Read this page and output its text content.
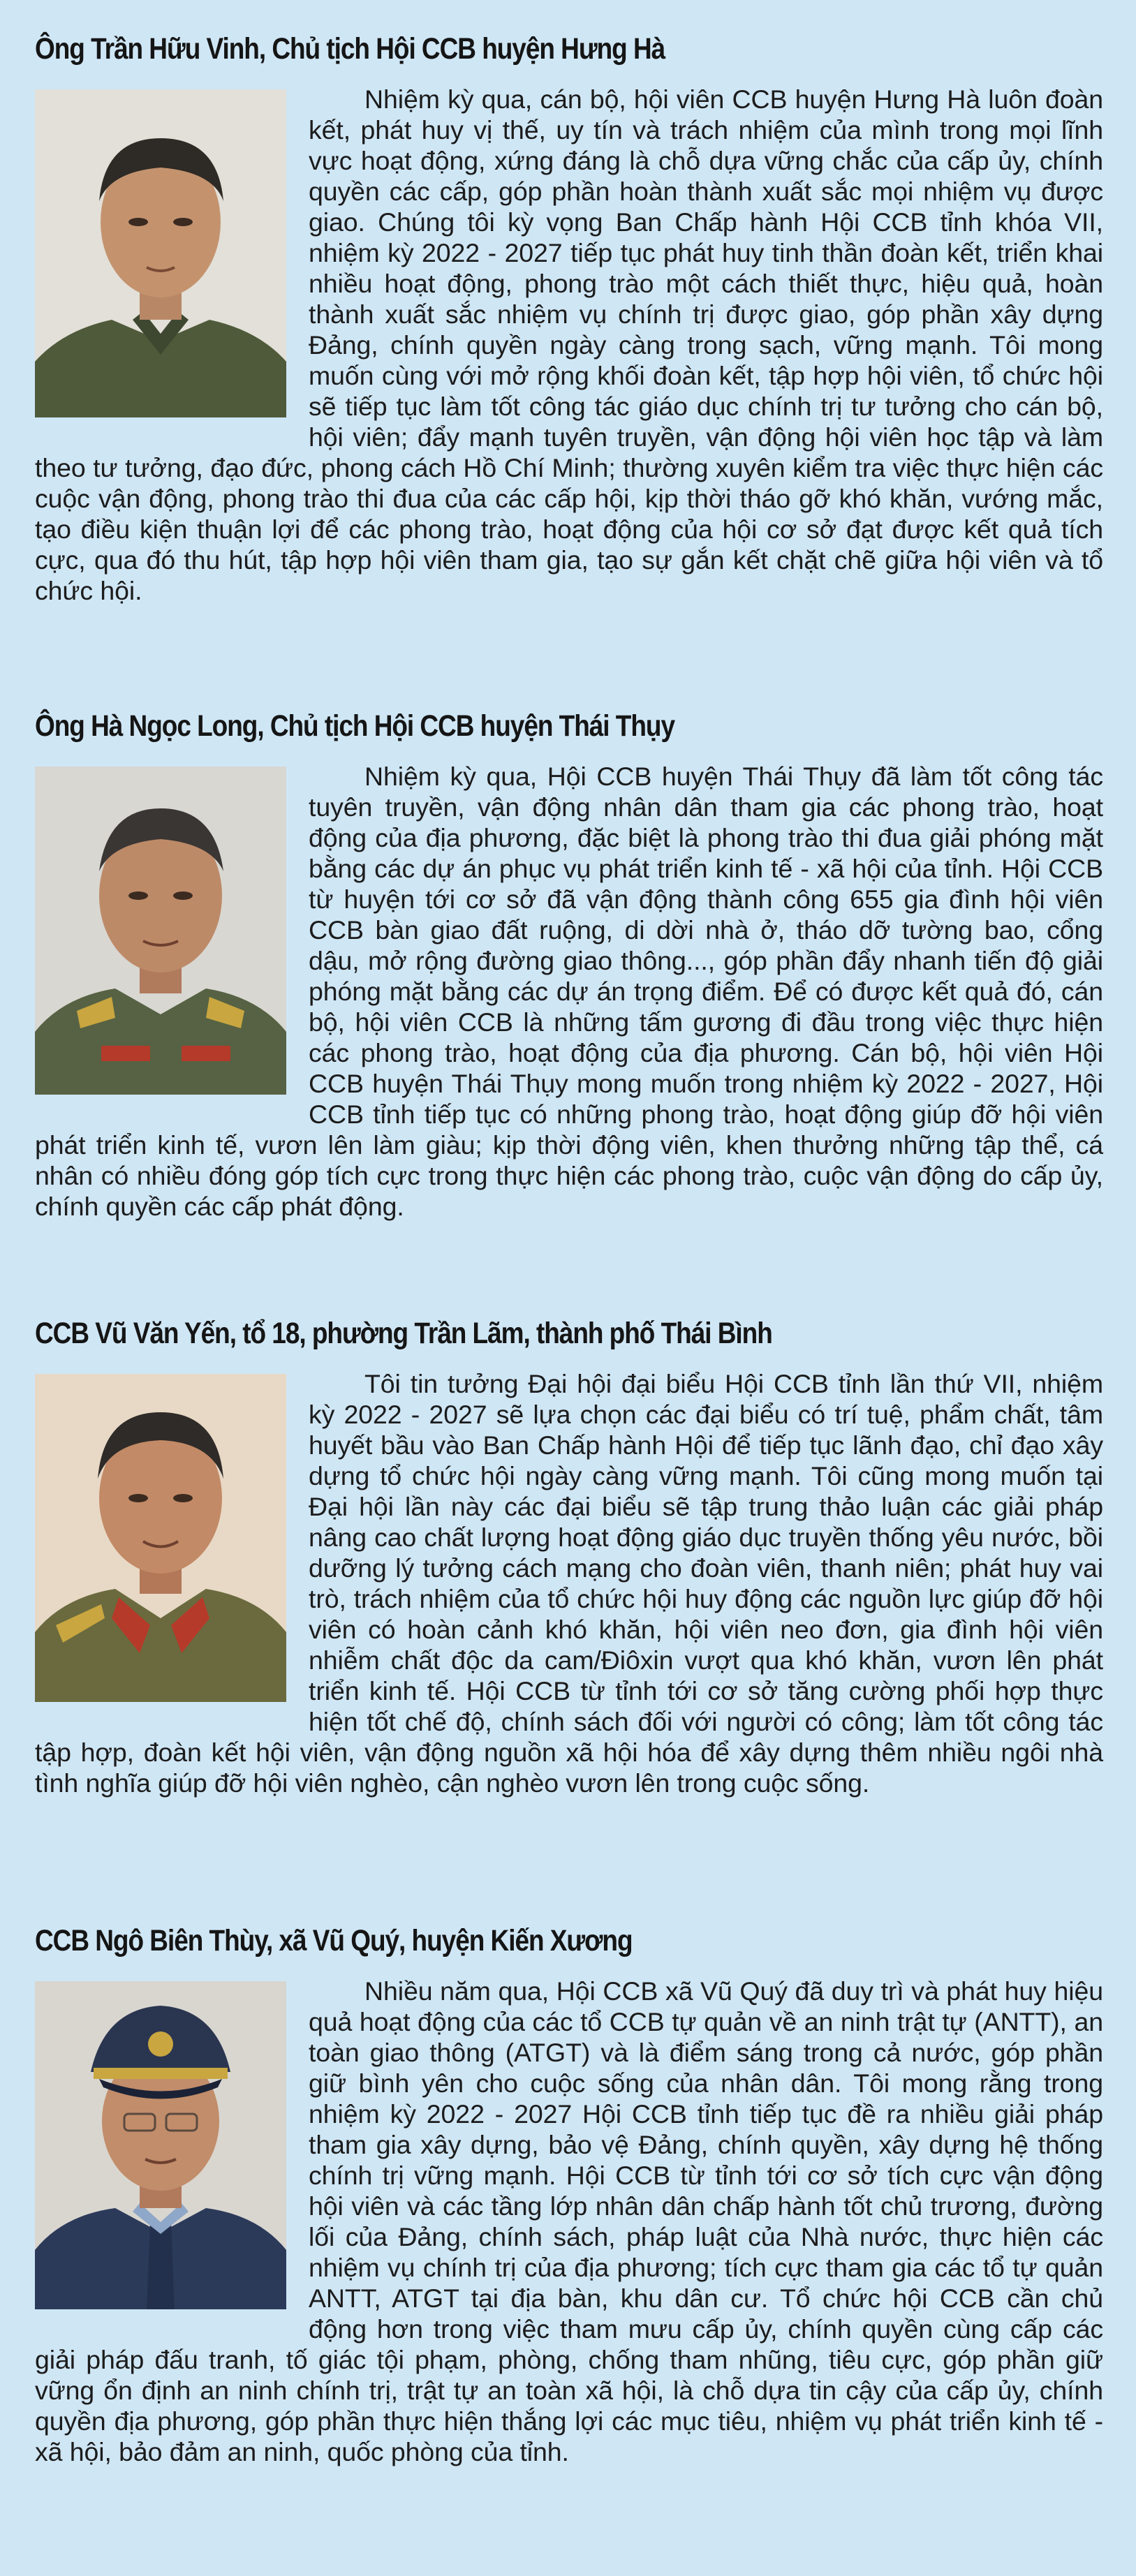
Ông Trần Hữu Vinh, Chủ tịch Hội CCB huyện Hưng Hà

Nhiệm kỳ qua, cán bộ, hội viên CCB huyện Hưng Hà luôn đoàn kết, phát huy vị thế, uy tín và trách nhiệm của mình trong mọi lĩnh vực hoạt động, xứng đáng là chỗ dựa vững chắc của cấp ủy, chính quyền các cấp, góp phần hoàn thành xuất sắc mọi nhiệm vụ được giao. Chúng tôi kỳ vọng Ban Chấp hành Hội CCB tỉnh khóa VII, nhiệm kỳ 2022 - 2027 tiếp tục phát huy tinh thần đoàn kết, triển khai nhiều hoạt động, phong trào một cách thiết thực, hiệu quả, hoàn thành xuất sắc nhiệm vụ chính trị được giao, góp phần xây dựng Đảng, chính quyền ngày càng trong sạch, vững mạnh. Tôi mong muốn cùng với mở rộng khối đoàn kết, tập hợp hội viên, tổ chức hội sẽ tiếp tục làm tốt công tác giáo dục chính trị tư tưởng cho cán bộ, hội viên; đẩy mạnh tuyên truyền, vận động hội viên học tập và làm theo tư tưởng, đạo đức, phong cách Hồ Chí Minh; thường xuyên kiểm tra việc thực hiện các cuộc vận động, phong trào thi đua của các cấp hội, kịp thời tháo gỡ khó khăn, vướng mắc, tạo điều kiện thuận lợi để các phong trào, hoạt động của hội cơ sở đạt được kết quả tích cực, qua đó thu hút, tập hợp hội viên tham gia, tạo sự gắn kết chặt chẽ giữa hội viên và tổ chức hội.

Ông Hà Ngọc Long, Chủ tịch Hội CCB huyện Thái Thụy

Nhiệm kỳ qua, Hội CCB huyện Thái Thụy đã làm tốt công tác tuyên truyền, vận động nhân dân tham gia các phong trào, hoạt động của địa phương, đặc biệt là phong trào thi đua giải phóng mặt bằng các dự án phục vụ phát triển kinh tế - xã hội của tỉnh. Hội CCB từ huyện tới cơ sở đã vận động thành công 655 gia đình hội viên CCB bàn giao đất ruộng, di dời nhà ở, tháo dỡ tường bao, cổng dậu, mở rộng đường giao thông..., góp phần đẩy nhanh tiến độ giải phóng mặt bằng các dự án trọng điểm. Để có được kết quả đó, cán bộ, hội viên CCB là những tấm gương đi đầu trong việc thực hiện các phong trào, hoạt động của địa phương. Cán bộ, hội viên Hội CCB huyện Thái Thụy mong muốn trong nhiệm kỳ 2022 - 2027, Hội CCB tỉnh tiếp tục có những phong trào, hoạt động giúp đỡ hội viên phát triển kinh tế, vươn lên làm giàu; kịp thời động viên, khen thưởng những tập thể, cá nhân có nhiều đóng góp tích cực trong thực hiện các phong trào, cuộc vận động do cấp ủy, chính quyền các cấp phát động.

CCB Vũ Văn Yến, tổ 18, phường Trần Lãm, thành phố Thái Bình

Tôi tin tưởng Đại hội đại biểu Hội CCB tỉnh lần thứ VII, nhiệm kỳ 2022 - 2027 sẽ lựa chọn các đại biểu có trí tuệ, phẩm chất, tâm huyết bầu vào Ban Chấp hành Hội để tiếp tục lãnh đạo, chỉ đạo xây dựng tổ chức hội ngày càng vững mạnh. Tôi cũng mong muốn tại Đại hội lần này các đại biểu sẽ tập trung thảo luận các giải pháp nâng cao chất lượng hoạt động giáo dục truyền thống yêu nước, bồi dưỡng lý tưởng cách mạng cho đoàn viên, thanh niên; phát huy vai trò, trách nhiệm của tổ chức hội huy động các nguồn lực giúp đỡ hội viên có hoàn cảnh khó khăn, hội viên neo đơn, gia đình hội viên nhiễm chất độc da cam/Điôxin vượt qua khó khăn, vươn lên phát triển kinh tế. Hội CCB từ tỉnh tới cơ sở tăng cường phối hợp thực hiện tốt chế độ, chính sách đối với người có công; làm tốt công tác tập hợp, đoàn kết hội viên, vận động nguồn xã hội hóa để xây dựng thêm nhiều ngôi nhà tình nghĩa giúp đỡ hội viên nghèo, cận nghèo vươn lên trong cuộc sống.

CCB Ngô Biên Thùy, xã Vũ Quý, huyện Kiến Xương

Nhiều năm qua, Hội CCB xã Vũ Quý đã duy trì và phát huy hiệu quả hoạt động của các tổ CCB tự quản về an ninh trật tự (ANTT), an toàn giao thông (ATGT) và là điểm sáng trong cả nước, góp phần giữ bình yên cho cuộc sống của nhân dân. Tôi mong rằng trong nhiệm kỳ 2022 - 2027 Hội CCB tỉnh tiếp tục đề ra nhiều giải pháp tham gia xây dựng, bảo vệ Đảng, chính quyền, xây dựng hệ thống chính trị vững mạnh. Hội CCB từ tỉnh tới cơ sở tích cực vận động hội viên và các tầng lớp nhân dân chấp hành tốt chủ trương, đường lối của Đảng, chính sách, pháp luật của Nhà nước, thực hiện các nhiệm vụ chính trị của địa phương; tích cực tham gia các tổ tự quản ANTT, ATGT tại địa bàn, khu dân cư. Tổ chức hội CCB cần chủ động hơn trong việc tham mưu cấp ủy, chính quyền cùng cấp các giải pháp đấu tranh, tố giác tội phạm, phòng, chống tham nhũng, tiêu cực, góp phần giữ vững ổn định an ninh chính trị, trật tự an toàn xã hội, là chỗ dựa tin cậy của cấp ủy, chính quyền địa phương, góp phần thực hiện thắng lợi các mục tiêu, nhiệm vụ phát triển kinh tế - xã hội, bảo đảm an ninh, quốc phòng của tỉnh.
